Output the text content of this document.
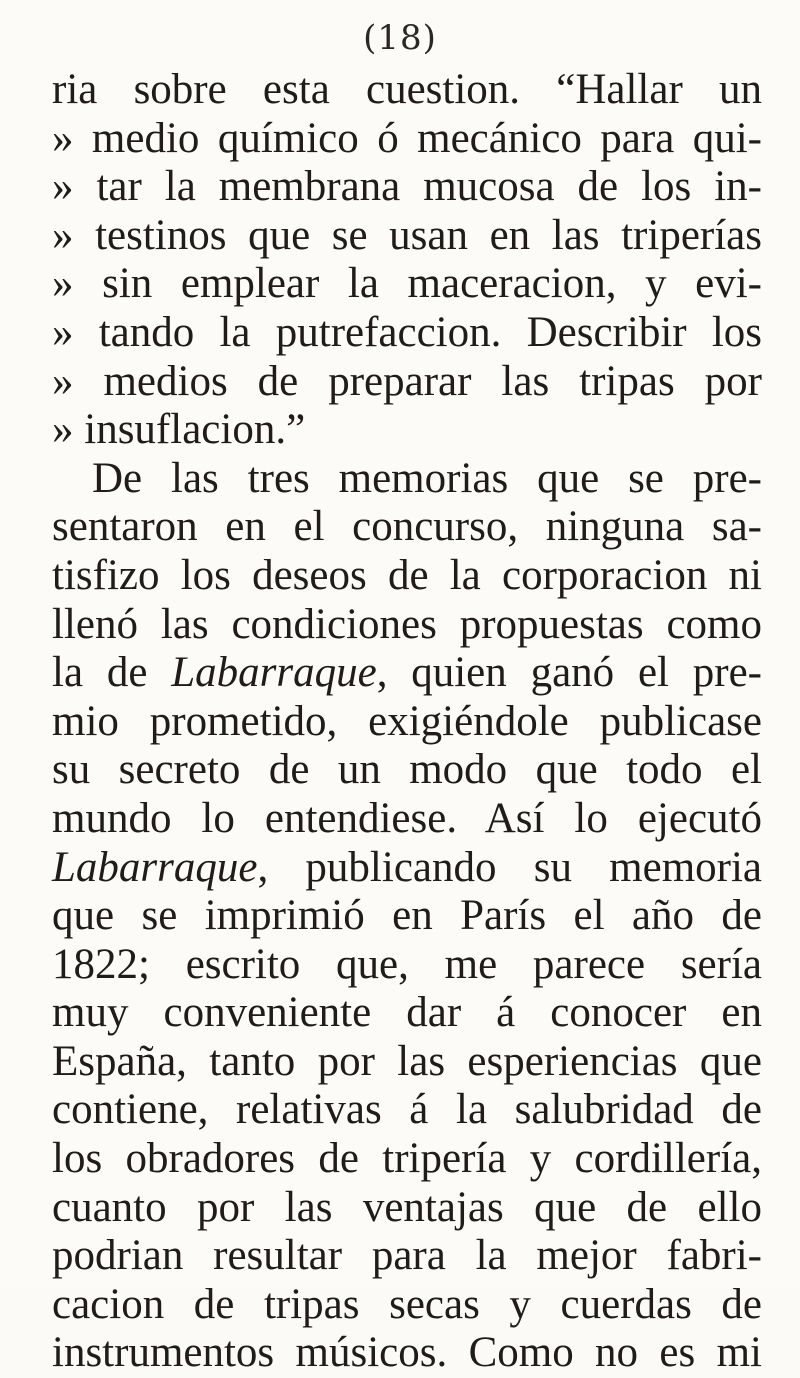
(18)
ria sobre esta cuestion. “Hallar un
» medio químico ó mecánico para qui-
» tar la membrana mucosa de los in-
» testinos que se usan en las triperías
» sin emplear la maceracion, y evi-
» tando la putrefaccion. Describir los
» medios de preparar las tripas por
» insuflacion.”
De las tres memorias que se pre-
sentaron en el concurso, ninguna sa-
tisfizo los deseos de la corporacion ni
llenó las condiciones propuestas como
la de Labarraque, quien ganó el pre-
mio prometido, exigiéndole publicase
su secreto de un modo que todo el
mundo lo entendiese. Así lo ejecutó
Labarraque, publicando su memoria
que se imprimió en París el año de
1822; escrito que, me parece sería
muy conveniente dar á conocer en
España, tanto por las esperiencias que
contiene, relativas á la salubridad de
los obradores de tripería y cordillería,
cuanto por las ventajas que de ello
podrian resultar para la mejor fabri-
cacion de tripas secas y cuerdas de
instrumentos músicos. Como no es mi
